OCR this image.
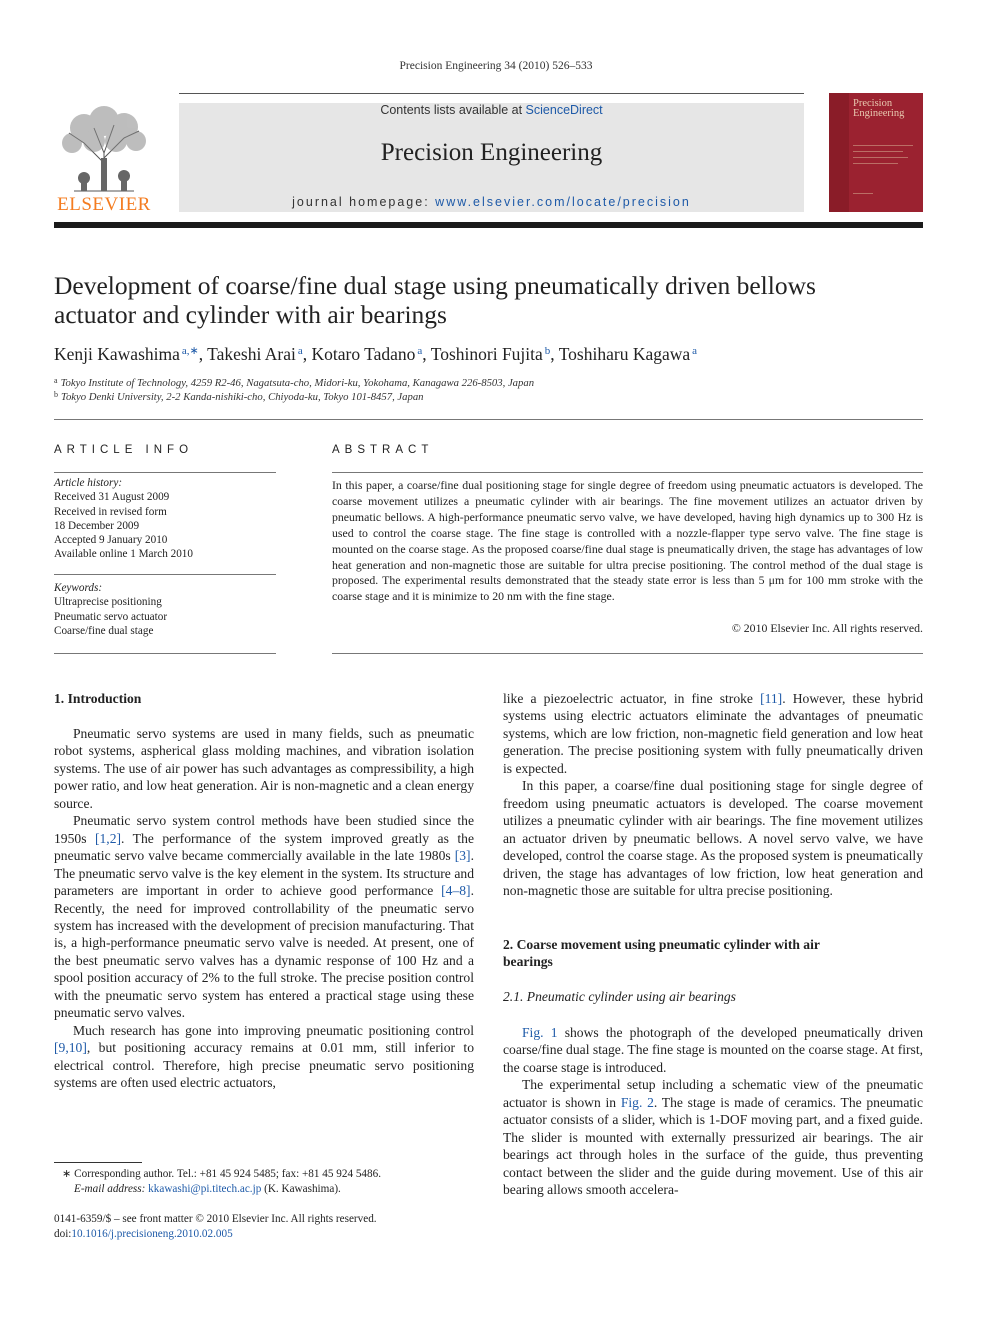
Precision Engineering 34 (2010) 526–533
ELSEVIER
Contents lists available at ScienceDirect
Precision Engineering
journal homepage: www.elsevier.com/locate/precision
Precision
Engineering
Development of coarse/fine dual stage using pneumatically driven bellows
actuator and cylinder with air bearings
Kenji Kawashima $^{a,∗}$, Takeshi Arai $^a$, Kotaro Tadano $^a$, Toshinori Fujita $^b$, Toshiharu Kagawa $^a$
$^a$ Tokyo Institute of Technology, 4259 R2-46, Nagatsuta-cho, Midori-ku, Yokohama, Kanagawa 226-8503, Japan
$^b$ Tokyo Denki University, 2-2 Kanda-nishiki-cho, Chiyoda-ku, Tokyo 101-8457, Japan
ARTICLE INFO
Article history:
Received 31 August 2009
Received in revised form
18 December 2009
Accepted 9 January 2010
Available online 1 March 2010
Keywords:
Ultraprecise positioning
Pneumatic servo actuator
Coarse/fine dual stage
ABSTRACT
In this paper, a coarse/fine dual positioning stage for single degree of freedom using pneumatic actuators is developed. The coarse movement utilizes a pneumatic cylinder with air bearings. The fine movement utilizes an actuator driven by pneumatic bellows. A high-performance pneumatic servo valve, we have developed, having high dynamics up to 300 Hz is used to control the coarse stage. The fine stage is controlled with a nozzle-flapper type servo valve. The fine stage is mounted on the coarse stage. As the proposed coarse/fine dual stage is pneumatically driven, the stage has advantages of low heat generation and non-magnetic those are suitable for ultra precise positioning. The control method of the dual stage is proposed. The experimental results demonstrated that the steady state error is less than 5 μm for 100 mm stroke with the coarse stage and it is minimize to 20 nm with the fine stage.
© 2010 Elsevier Inc. All rights reserved.
1. Introduction

Pneumatic servo systems are used in many fields, such as pneumatic robot systems, aspherical glass molding machines, and vibration isolation systems. The use of air power has such advantages as compressibility, a high power ratio, and low heat generation. Air is non-magnetic and a clean energy source.

Pneumatic servo system control methods have been studied since the 1950s [1,2]. The performance of the system improved greatly as the pneumatic servo valve became commercially available in the late 1980s [3]. The pneumatic servo valve is the key element in the system. Its structure and parameters are important in order to achieve good performance [4–8]. Recently, the need for improved controllability of the pneumatic servo system has increased with the development of precision manufacturing. That is, a high-performance pneumatic servo valve is needed. At present, one of the best pneumatic servo valves has a dynamic response of 100 Hz and a spool position accuracy of 2% to the full stroke. The precise position control with the pneumatic servo system has entered a practical stage using these pneumatic servo valves.

Much research has gone into improving pneumatic positioning control [9,10], but positioning accuracy remains at 0.01 mm, still inferior to electrical control. Therefore, high precise pneumatic servo positioning systems are often used electric actuators,

∗ Corresponding author. Tel.: +81 45 924 5485; fax: +81 45 924 5486.
E-mail address: kkawashi@pi.titech.ac.jp (K. Kawashima).
0141-6359/$ – see front matter © 2010 Elsevier Inc. All rights reserved.
doi:10.1016/j.precisioneng.2010.02.005

like a piezoelectric actuator, in fine stroke [11]. However, these hybrid systems using electric actuators eliminate the advantages of pneumatic systems, which are low friction, non-magnetic field generation and low heat generation. The precise positioning system with fully pneumatically driven is expected.

In this paper, a coarse/fine dual positioning stage for single degree of freedom using pneumatic actuators is developed. The coarse movement utilizes a pneumatic cylinder with air bearings. The fine movement utilizes an actuator driven by pneumatic bellows. A novel servo valve, we have developed, control the coarse stage. As the proposed system is pneumatically driven, the stage has advantages of low friction, low heat generation and non-magnetic those are suitable for ultra precise positioning.

2. Coarse movement using pneumatic cylinder with air
bearings
2.1. Pneumatic cylinder using air bearings

Fig. 1 shows the photograph of the developed pneumatically driven coarse/fine dual stage. The fine stage is mounted on the coarse stage. At first, the coarse stage is introduced.

The experimental setup including a schematic view of the pneumatic actuator is shown in Fig. 2. The stage is made of ceramics. The pneumatic actuator consists of a slider, which is 1-DOF moving part, and a fixed guide. The slider is mounted with externally pressurized air bearings. The air bearings act through holes in the surface of the guide, thus preventing contact between the slider and the guide during movement. Use of this air bearing allows smooth accelera-
